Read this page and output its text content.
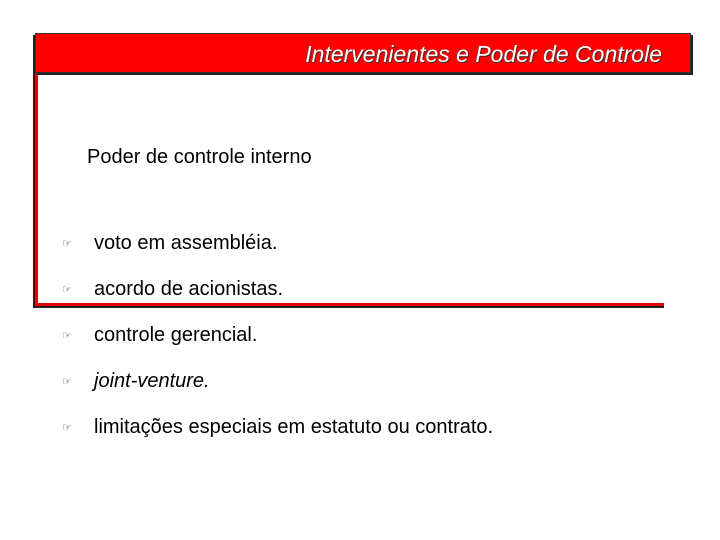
Intervenientes e Poder de Controle
Poder de controle interno
☞	voto em assembléia.
☞	acordo de acionistas.
☞	controle gerencial.
☞	joint-venture.
☞	limitações especiais em estatuto ou contrato.
